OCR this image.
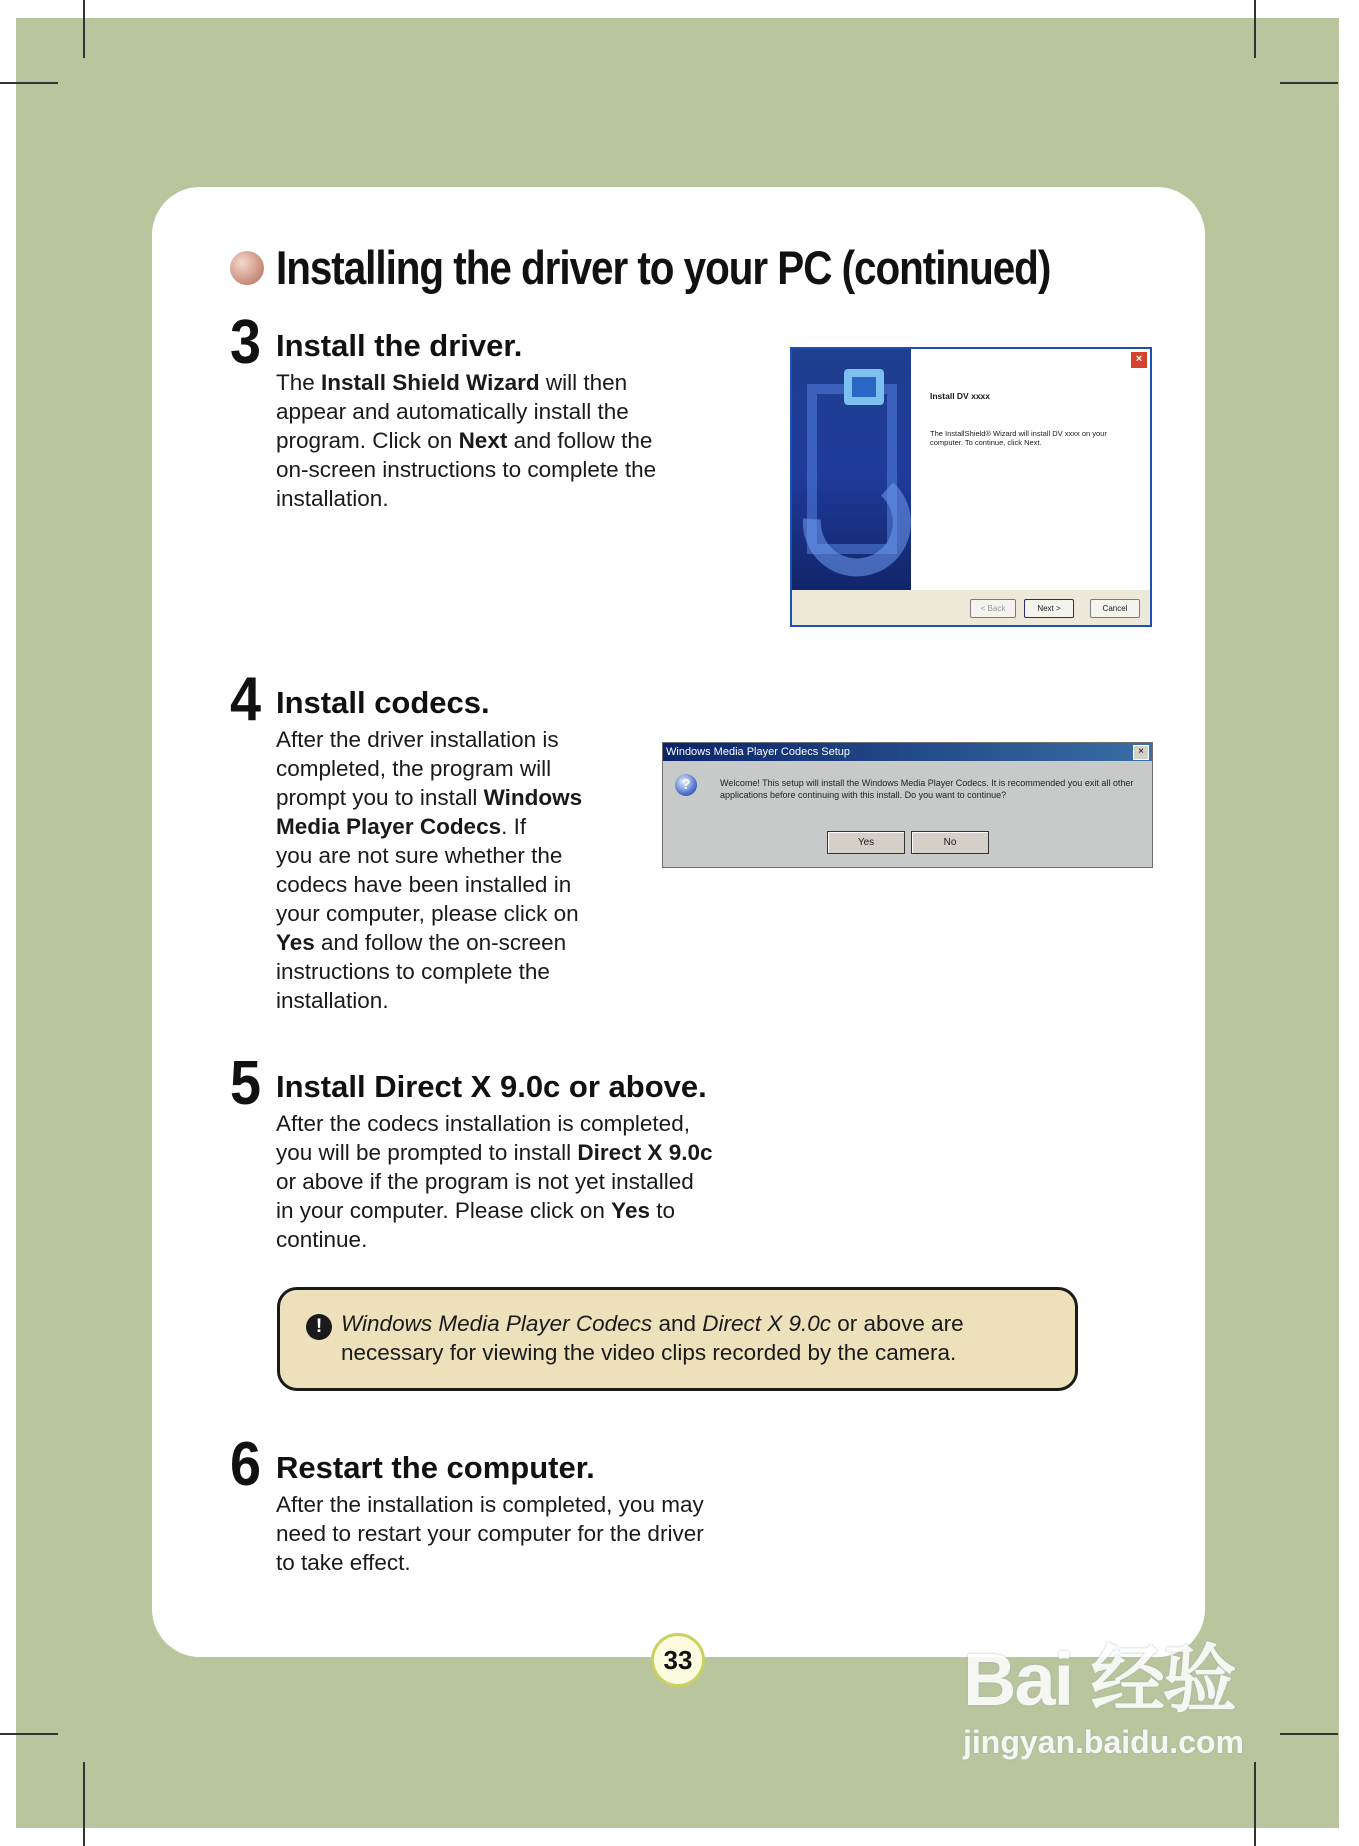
Installing the driver to your PC (continued)
3 Install the driver.
The Install Shield Wizard will then
appear and automatically install the
program. Click on Next and follow the
on-screen instructions to complete the
installation.
×
Install DV xxxx
The InstallShield® Wizard will install DV xxxx on your computer. To continue, click Next.
< Back	Next >	Cancel
4 Install codecs.
After the driver installation is
completed, the program will
prompt you to install Windows
Media Player Codecs. If
you are not sure whether the
codecs have been installed in
your computer, please click on
Yes and follow the on-screen
instructions to complete the
installation.
Windows Media Player Codecs Setup	×
?	Welcome! This setup will install the Windows Media Player Codecs. It is recommended you exit all other applications before continuing with this install. Do you want to continue?
Yes	No
5 Install Direct X 9.0c or above.
After the codecs installation is completed,
you will be prompted to install Direct X 9.0c
or above if the program is not yet installed
in your computer. Please click on Yes to
continue.
! Windows Media Player Codecs and Direct X 9.0c or above are
necessary for viewing the video clips recorded by the camera.
6 Restart the computer.
After the installation is completed, you may
need to restart your computer for the driver
to take effect.
33	Bai 经验
jingyan.baidu.com
